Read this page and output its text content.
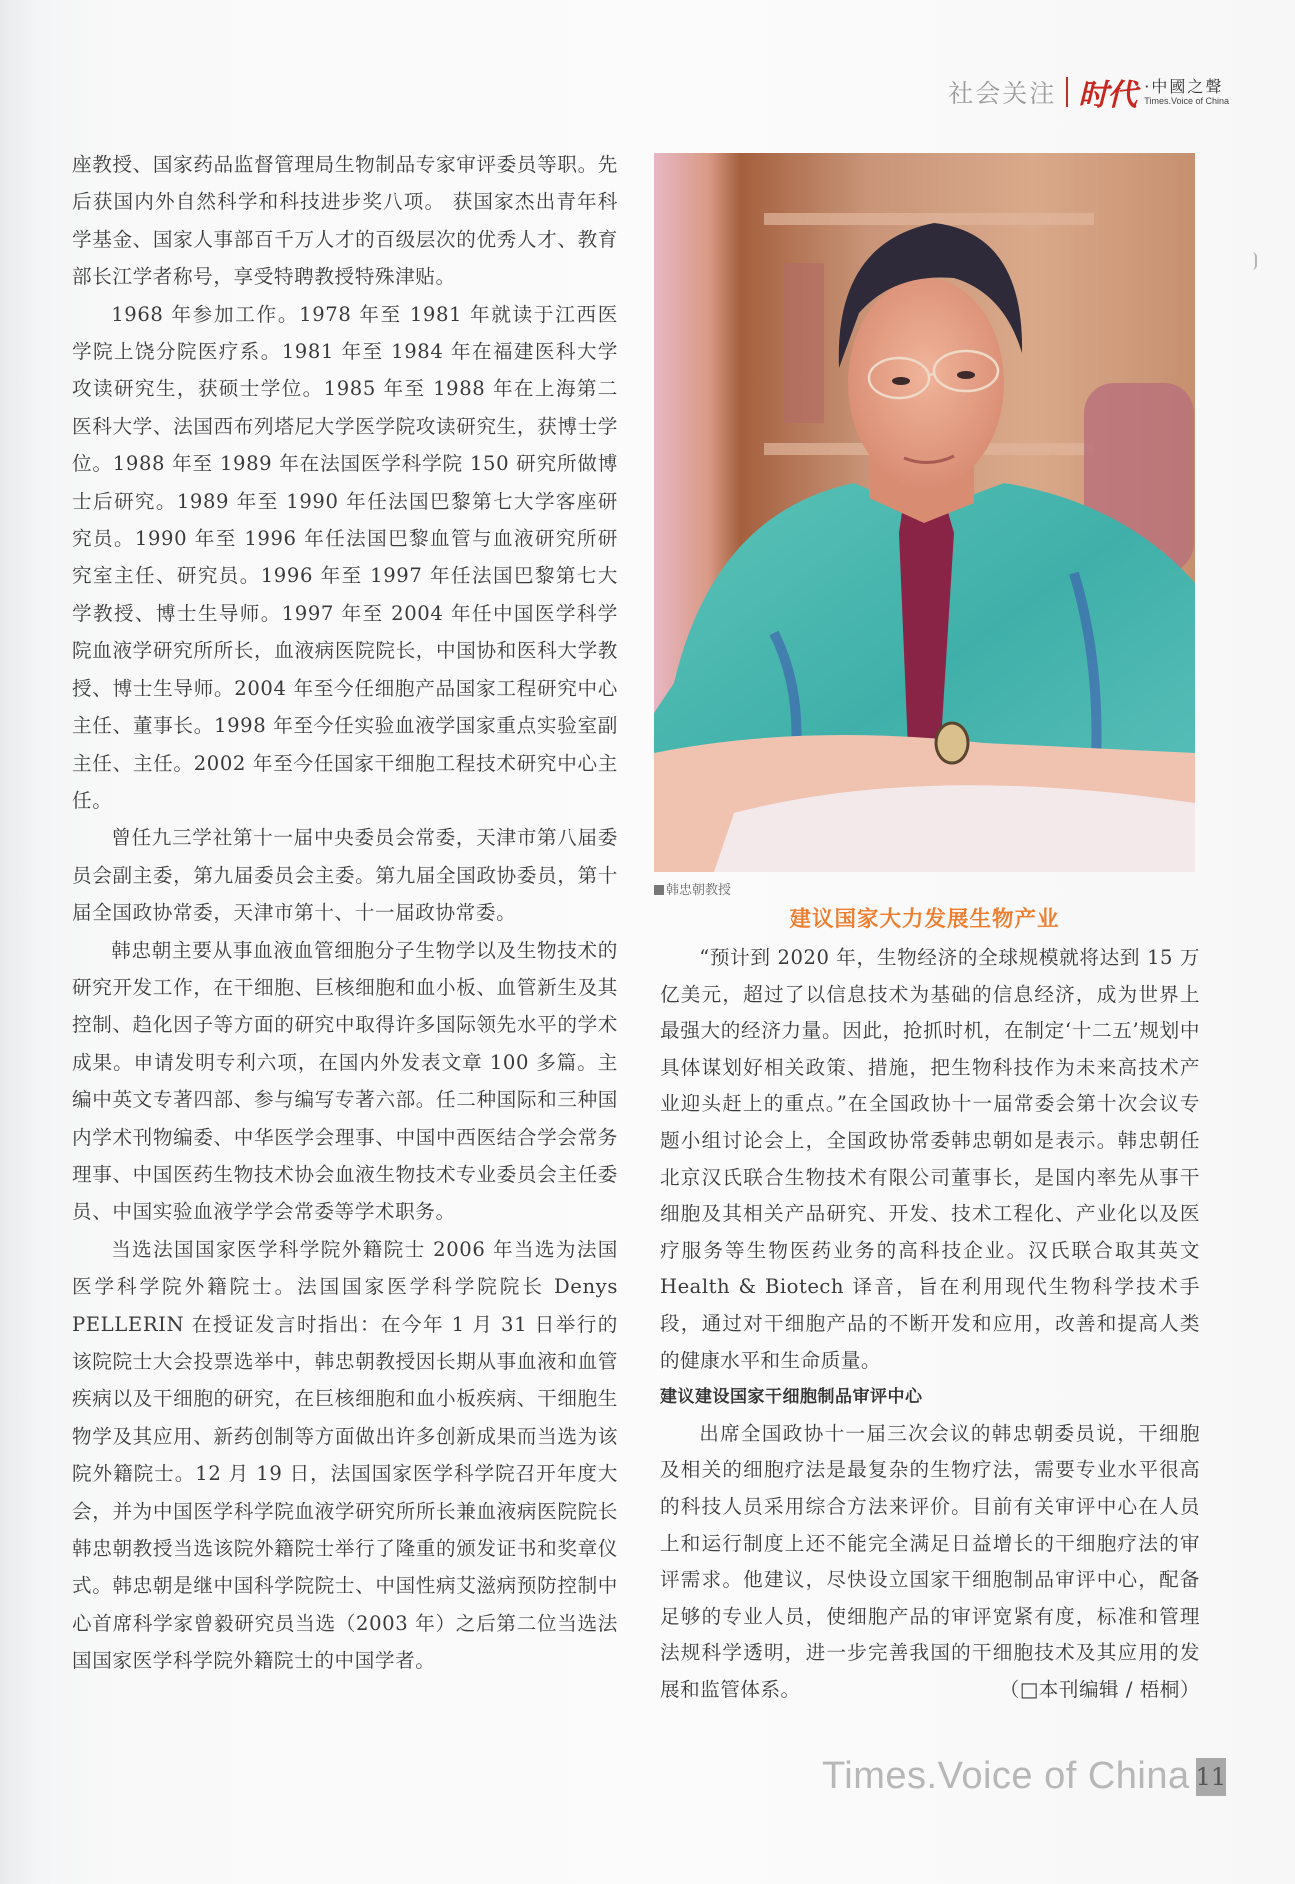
社会关注 时代 ·中國之聲
Times.Voice of China

座教授、国家药品监督管理局生物制品专家审评委员等职。先后获国内外自然科学和科技进步奖八项。 获国家杰出青年科学基金、国家人事部百千万人才的百级层次的优秀人才、教育部长江学者称号，享受特聘教授特殊津贴。

1968 年参加工作。1978 年至 1981 年就读于江西医学院上饶分院医疗系。1981 年至 1984 年在福建医科大学攻读研究生，获硕士学位。1985 年至 1988 年在上海第二医科大学、法国西布列塔尼大学医学院攻读研究生，获博士学位。1988 年至 1989 年在法国医学科学院 150 研究所做博士后研究。1989 年至 1990 年任法国巴黎第七大学客座研究员。1990 年至 1996 年任法国巴黎血管与血液研究所研究室主任、研究员。1996 年至 1997 年任法国巴黎第七大学教授、博士生导师。1997 年至 2004 年任中国医学科学院血液学研究所所长，血液病医院院长，中国协和医科大学教授、博士生导师。2004 年至今任细胞产品国家工程研究中心主任、董事长。1998 年至今任实验血液学国家重点实验室副主任、主任。2002 年至今任国家干细胞工程技术研究中心主任。

曾任九三学社第十一届中央委员会常委，天津市第八届委员会副主委，第九届委员会主委。第九届全国政协委员，第十届全国政协常委，天津市第十、十一届政协常委。

韩忠朝主要从事血液血管细胞分子生物学以及生物技术的研究开发工作，在干细胞、巨核细胞和血小板、血管新生及其控制、趋化因子等方面的研究中取得许多国际领先水平的学术成果。申请发明专利六项，在国内外发表文章 100 多篇。主编中英文专著四部、参与编写专著六部。任二种国际和三种国内学术刊物编委、中华医学会理事、中国中西医结合学会常务理事、中国医药生物技术协会血液生物技术专业委员会主任委员、中国实验血液学学会常委等学术职务。

当选法国国家医学科学院外籍院士 2006 年当选为法国医学科学院外籍院士。法国国家医学科学院院长 Denys PELLERIN 在授证发言时指出：在今年 1 月 31 日举行的该院院士大会投票选举中，韩忠朝教授因长期从事血液和血管疾病以及干细胞的研究，在巨核细胞和血小板疾病、干细胞生物学及其应用、新药创制等方面做出许多创新成果而当选为该院外籍院士。12 月 19 日，法国国家医学科学院召开年度大会，并为中国医学科学院血液学研究所所长兼血液病医院院长韩忠朝教授当选该院外籍院士举行了隆重的颁发证书和奖章仪式。韩忠朝是继中国科学院院士、中国性病艾滋病预防控制中心首席科学家曾毅研究员当选（2003 年）之后第二位当选法国国家医学科学院外籍院士的中国学者。

韩忠朝教授
建议国家大力发展生物产业

“预计到 2020 年，生物经济的全球规模就将达到 15 万亿美元，超过了以信息技术为基础的信息经济，成为世界上最强大的经济力量。因此，抢抓时机，在制定‘十二五’规划中具体谋划好相关政策、措施，把生物科技作为未来高技术产业迎头赶上的重点。”在全国政协十一届常委会第十次会议专题小组讨论会上，全国政协常委韩忠朝如是表示。韩忠朝任北京汉氏联合生物技术有限公司董事长，是国内率先从事干细胞及其相关产品研究、开发、技术工程化、产业化以及医疗服务等生物医药业务的高科技企业。汉氏联合取其英文 Health & Biotech 译音，旨在利用现代生物科学技术手段，通过对干细胞产品的不断开发和应用，改善和提高人类的健康水平和生命质量。

建议建设国家干细胞制品审评中心

出席全国政协十一届三次会议的韩忠朝委员说，干细胞及相关的细胞疗法是最复杂的生物疗法，需要专业水平很高的科技人员采用综合方法来评价。目前有关审评中心在人员上和运行制度上还不能完全满足日益增长的干细胞疗法的审评需求。他建议，尽快设立国家干细胞制品审评中心，配备足够的专业人员，使细胞产品的审评宽紧有度，标准和管理法规科学透明，进一步完善我国的干细胞技术及其应用的发展和监管体系。	（□本刊编辑 / 梧桐）
Times.Voice of China 11
